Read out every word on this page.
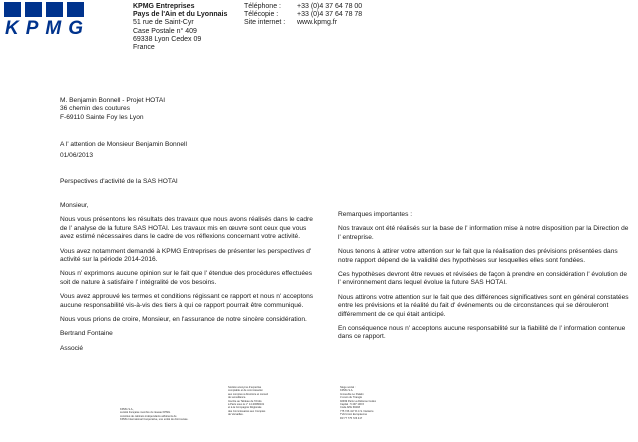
KPMG
KPMG Entreprises
Pays de l'Ain et du Lyonnais
51 rue de Saint-Cyr
Case Postale n° 409
69338 Lyon Cedex 09
France
Téléphone :	+33 (0)4 37 64 78 00
Télécopie :	+33 (0)4 37 64 78 78
Site internet :	www.kpmg.fr
M. Benjamin Bonnell - Projet HOTAI
36 chemin des coutures
F-69110 Sainte Foy les Lyon
A l' attention de Monsieur Benjamin Bonnell
01/06/2013
Perspectives d'activité de la SAS HOTAI

Monsieur,

Nous vous présentons les résultats des travaux que nous avons réalisés dans le cadre de l' analyse de la future SAS HOTAI. Les travaux mis en œuvre sont ceux que vous avez estimé nécessaires dans le cadre de vos réflexions concernant votre activité.

Vous avez notamment demandé à KPMG Entreprises de présenter les perspectives d' activité sur la période 2014-2016.

Nous n' exprimons aucune opinion sur le fait que l' étendue des procédures effectuées soit de nature à satisfaire l' intégralité de vos besoins.

Vous avez approuvé les termes et conditions régissant ce rapport et nous n' acceptons aucune responsabilité vis-à-vis des tiers à qui ce rapport pourrait être communiqué.

Nous vous prions de croire, Monsieur, en l'assurance de notre sincère considération.

Bertrand Fontaine

Associé

Remarques importantes :

Nos travaux ont été réalisés sur la base de l' information mise à notre disposition par la Direction de l' entreprise.

Nous tenons à attirer votre attention sur le fait que la réalisation des prévisions présentées dans notre rapport dépend de la validité des hypothèses sur lesquelles elles sont fondées.

Ces hypothèses devront être revues et révisées de façon à prendre en considération l' évolution de l' environnement dans lequel évolue la future SAS HOTAI.

Nous attirons votre attention sur le fait que des différences significatives sont en général constatées entre les prévisions et la réalité du fait d' événements ou de circonstances qui se dérouleront différemment de ce qui était anticipé.

En conséquence nous n' acceptons aucune responsabilité sur la fiabilité de l' information contenue dans ce rapport.

KPMG S.A.,
société française membre du réseau KPMG
constitué de cabinets indépendants adhérents de
KPMG International Cooperative, une entité de droit suisse.
Société anonyme d'expertise
comptable et de commissariat
aux comptes à directoire et conseil
de surveillance.
Inscrite au Tableau de l'Ordre
à Paris sous le n° 14-30080101
et à la Compagnie Régionale
des Commissaires aux Comptes
de Versailles.
Siège social :
KPMG S.A.
Immeuble Le Palatin
3 cours du Triangle
92939 Paris La Défense Cedex
Capital : 5 497 100 €
Code APE 6920Z
775 726 417 R.C.S. Nanterre
TVA Union Européenne
FR 77 775 726 417
